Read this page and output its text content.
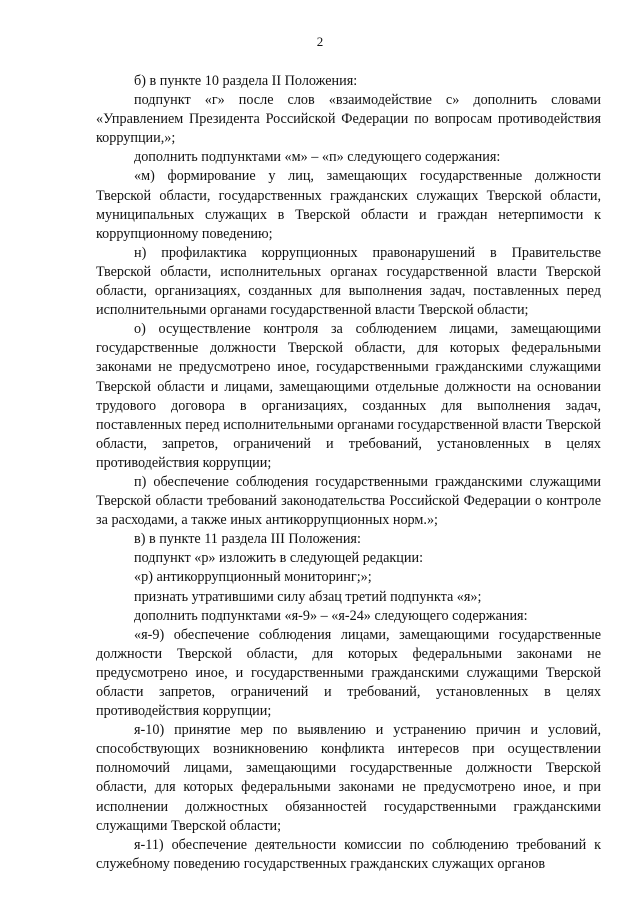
2

б) в пункте 10 раздела II Положения:

подпункт «г» после слов «взаимодействие с» дополнить словами «Управлением Президента Российской Федерации по вопросам противодействия коррупции,»;

дополнить подпунктами «м» – «п» следующего содержания:

«м) формирование у лиц, замещающих государственные должности Тверской области, государственных гражданских служащих Тверской области, муниципальных служащих в Тверской области и граждан нетерпимости к коррупционному поведению;

н) профилактика коррупционных правонарушений в Правительстве Тверской области, исполнительных органах государственной власти Тверской области, организациях, созданных для выполнения задач, поставленных перед исполнительными органами государственной власти Тверской области;

о) осуществление контроля за соблюдением лицами, замещающими государственные должности Тверской области, для которых федеральными законами не предусмотрено иное, государственными гражданскими служащими Тверской области и лицами, замещающими отдельные должности на основании трудового договора в организациях, созданных для выполнения задач, поставленных перед исполнительными органами государственной власти Тверской области, запретов, ограничений и требований, установленных в целях противодействия коррупции;

п) обеспечение соблюдения государственными гражданскими служащими Тверской области требований законодательства Российской Федерации о контроле за расходами, а также иных антикоррупционных норм.»;

в) в пункте 11 раздела III Положения:

подпункт «р» изложить в следующей редакции:

«р) антикоррупционный мониторинг;»;

признать утратившими силу абзац третий подпункта «я»;

дополнить подпунктами «я-9» – «я-24» следующего содержания:

«я-9) обеспечение соблюдения лицами, замещающими государственные должности Тверской области, для которых федеральными законами не предусмотрено иное, и государственными гражданскими служащими Тверской области запретов, ограничений и требований, установленных в целях противодействия коррупции;

я-10) принятие мер по выявлению и устранению причин и условий, способствующих возникновению конфликта интересов при осуществлении полномочий лицами, замещающими государственные должности Тверской области, для которых федеральными законами не предусмотрено иное, и при исполнении должностных обязанностей государственными гражданскими служащими Тверской области;

я-11) обеспечение деятельности комиссии по соблюдению требований к служебному поведению государственных гражданских служащих органов
